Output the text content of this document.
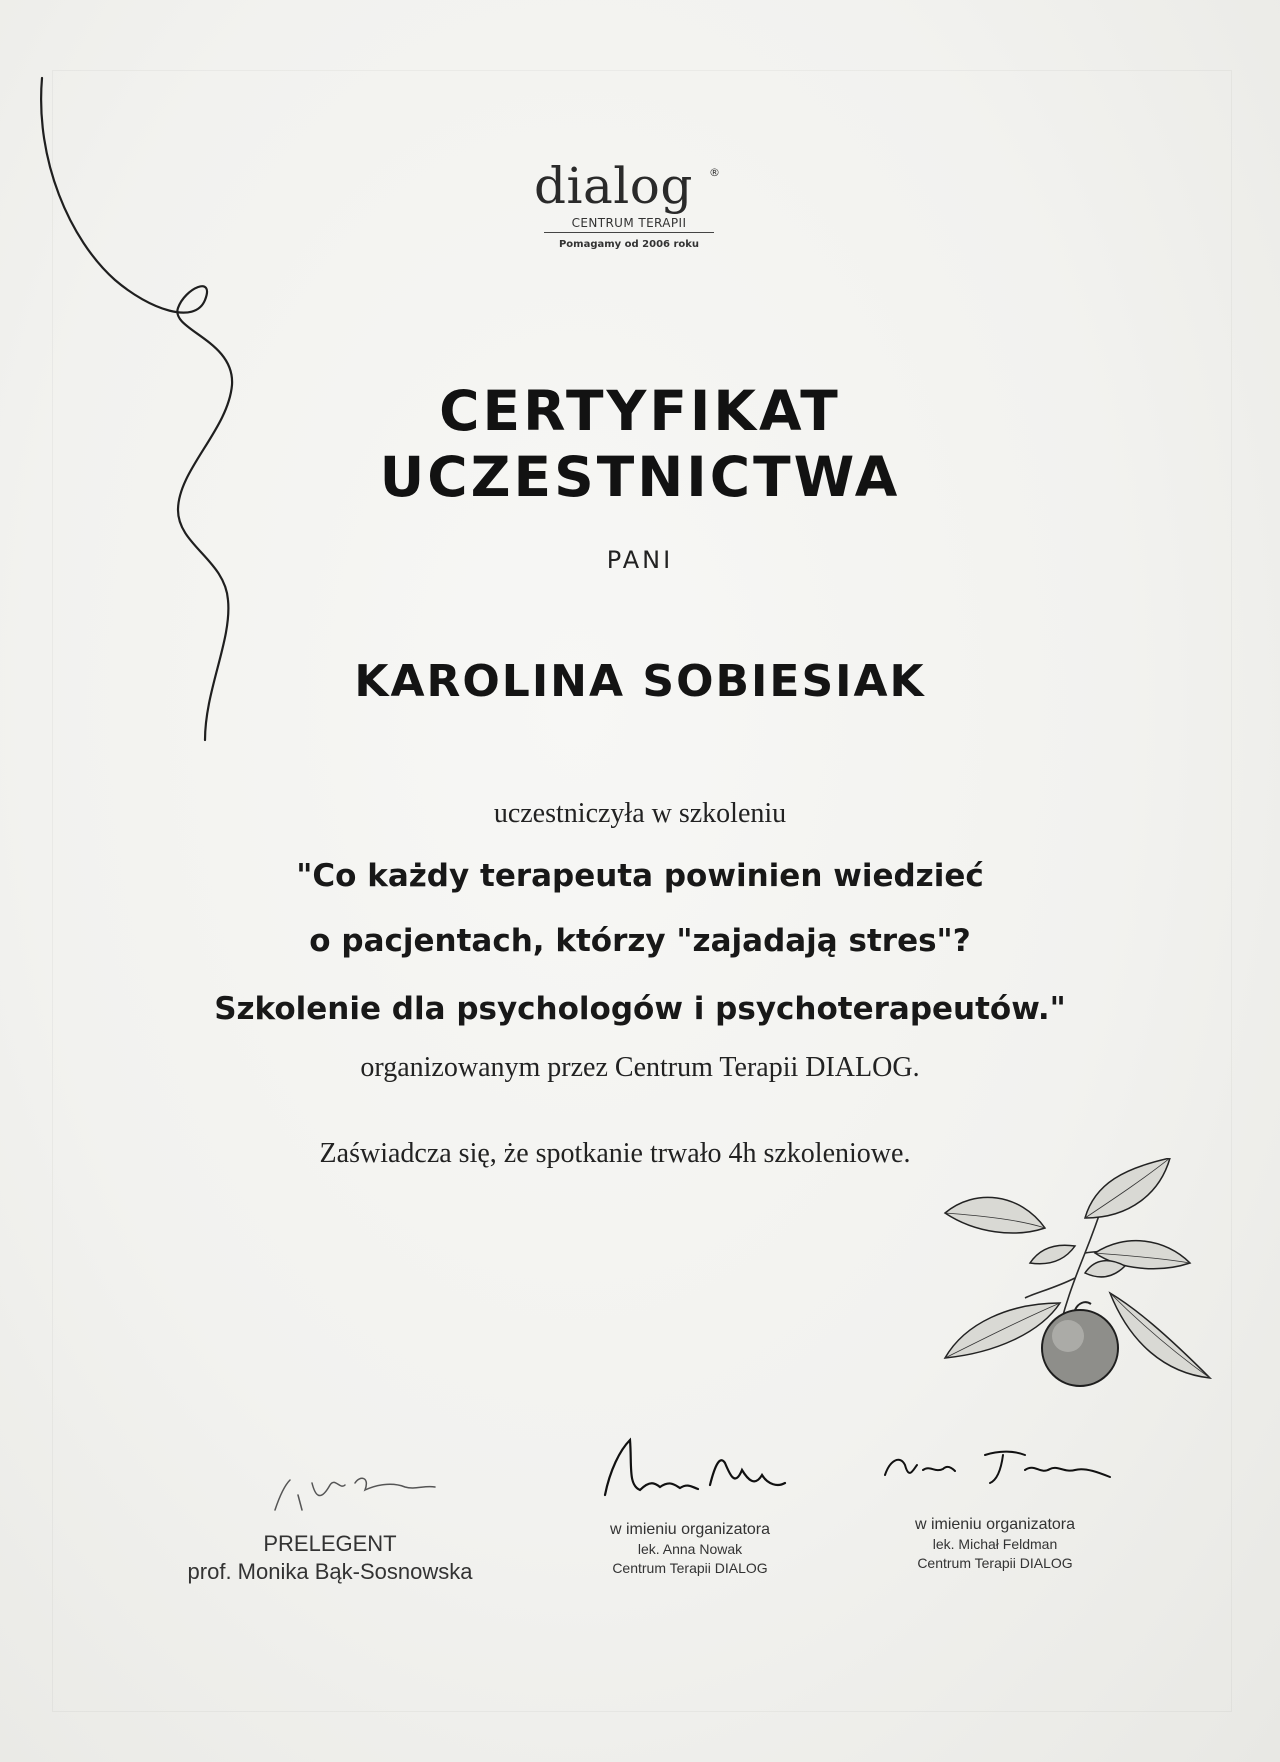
dialog	®
CENTRUM TERAPII
Pomagamy od 2006 roku
CERTYFIKAT
UCZESTNICTWA
PANI
KAROLINA SOBIESIAK
uczestniczyła w szkoleniu
"Co każdy terapeuta powinien wiedzieć
o pacjentach, którzy "zajadają stres"?
Szkolenie dla psychologów i psychoterapeutów."
organizowanym przez Centrum Terapii DIALOG.
Zaświadcza się, że spotkanie trwało 4h szkoleniowe.
PRELEGENT
prof. Monika Bąk-Sosnowska
w imieniu organizatora
lek. Anna Nowak
Centrum Terapii DIALOG
w imieniu organizatora
lek. Michał Feldman
Centrum Terapii DIALOG
